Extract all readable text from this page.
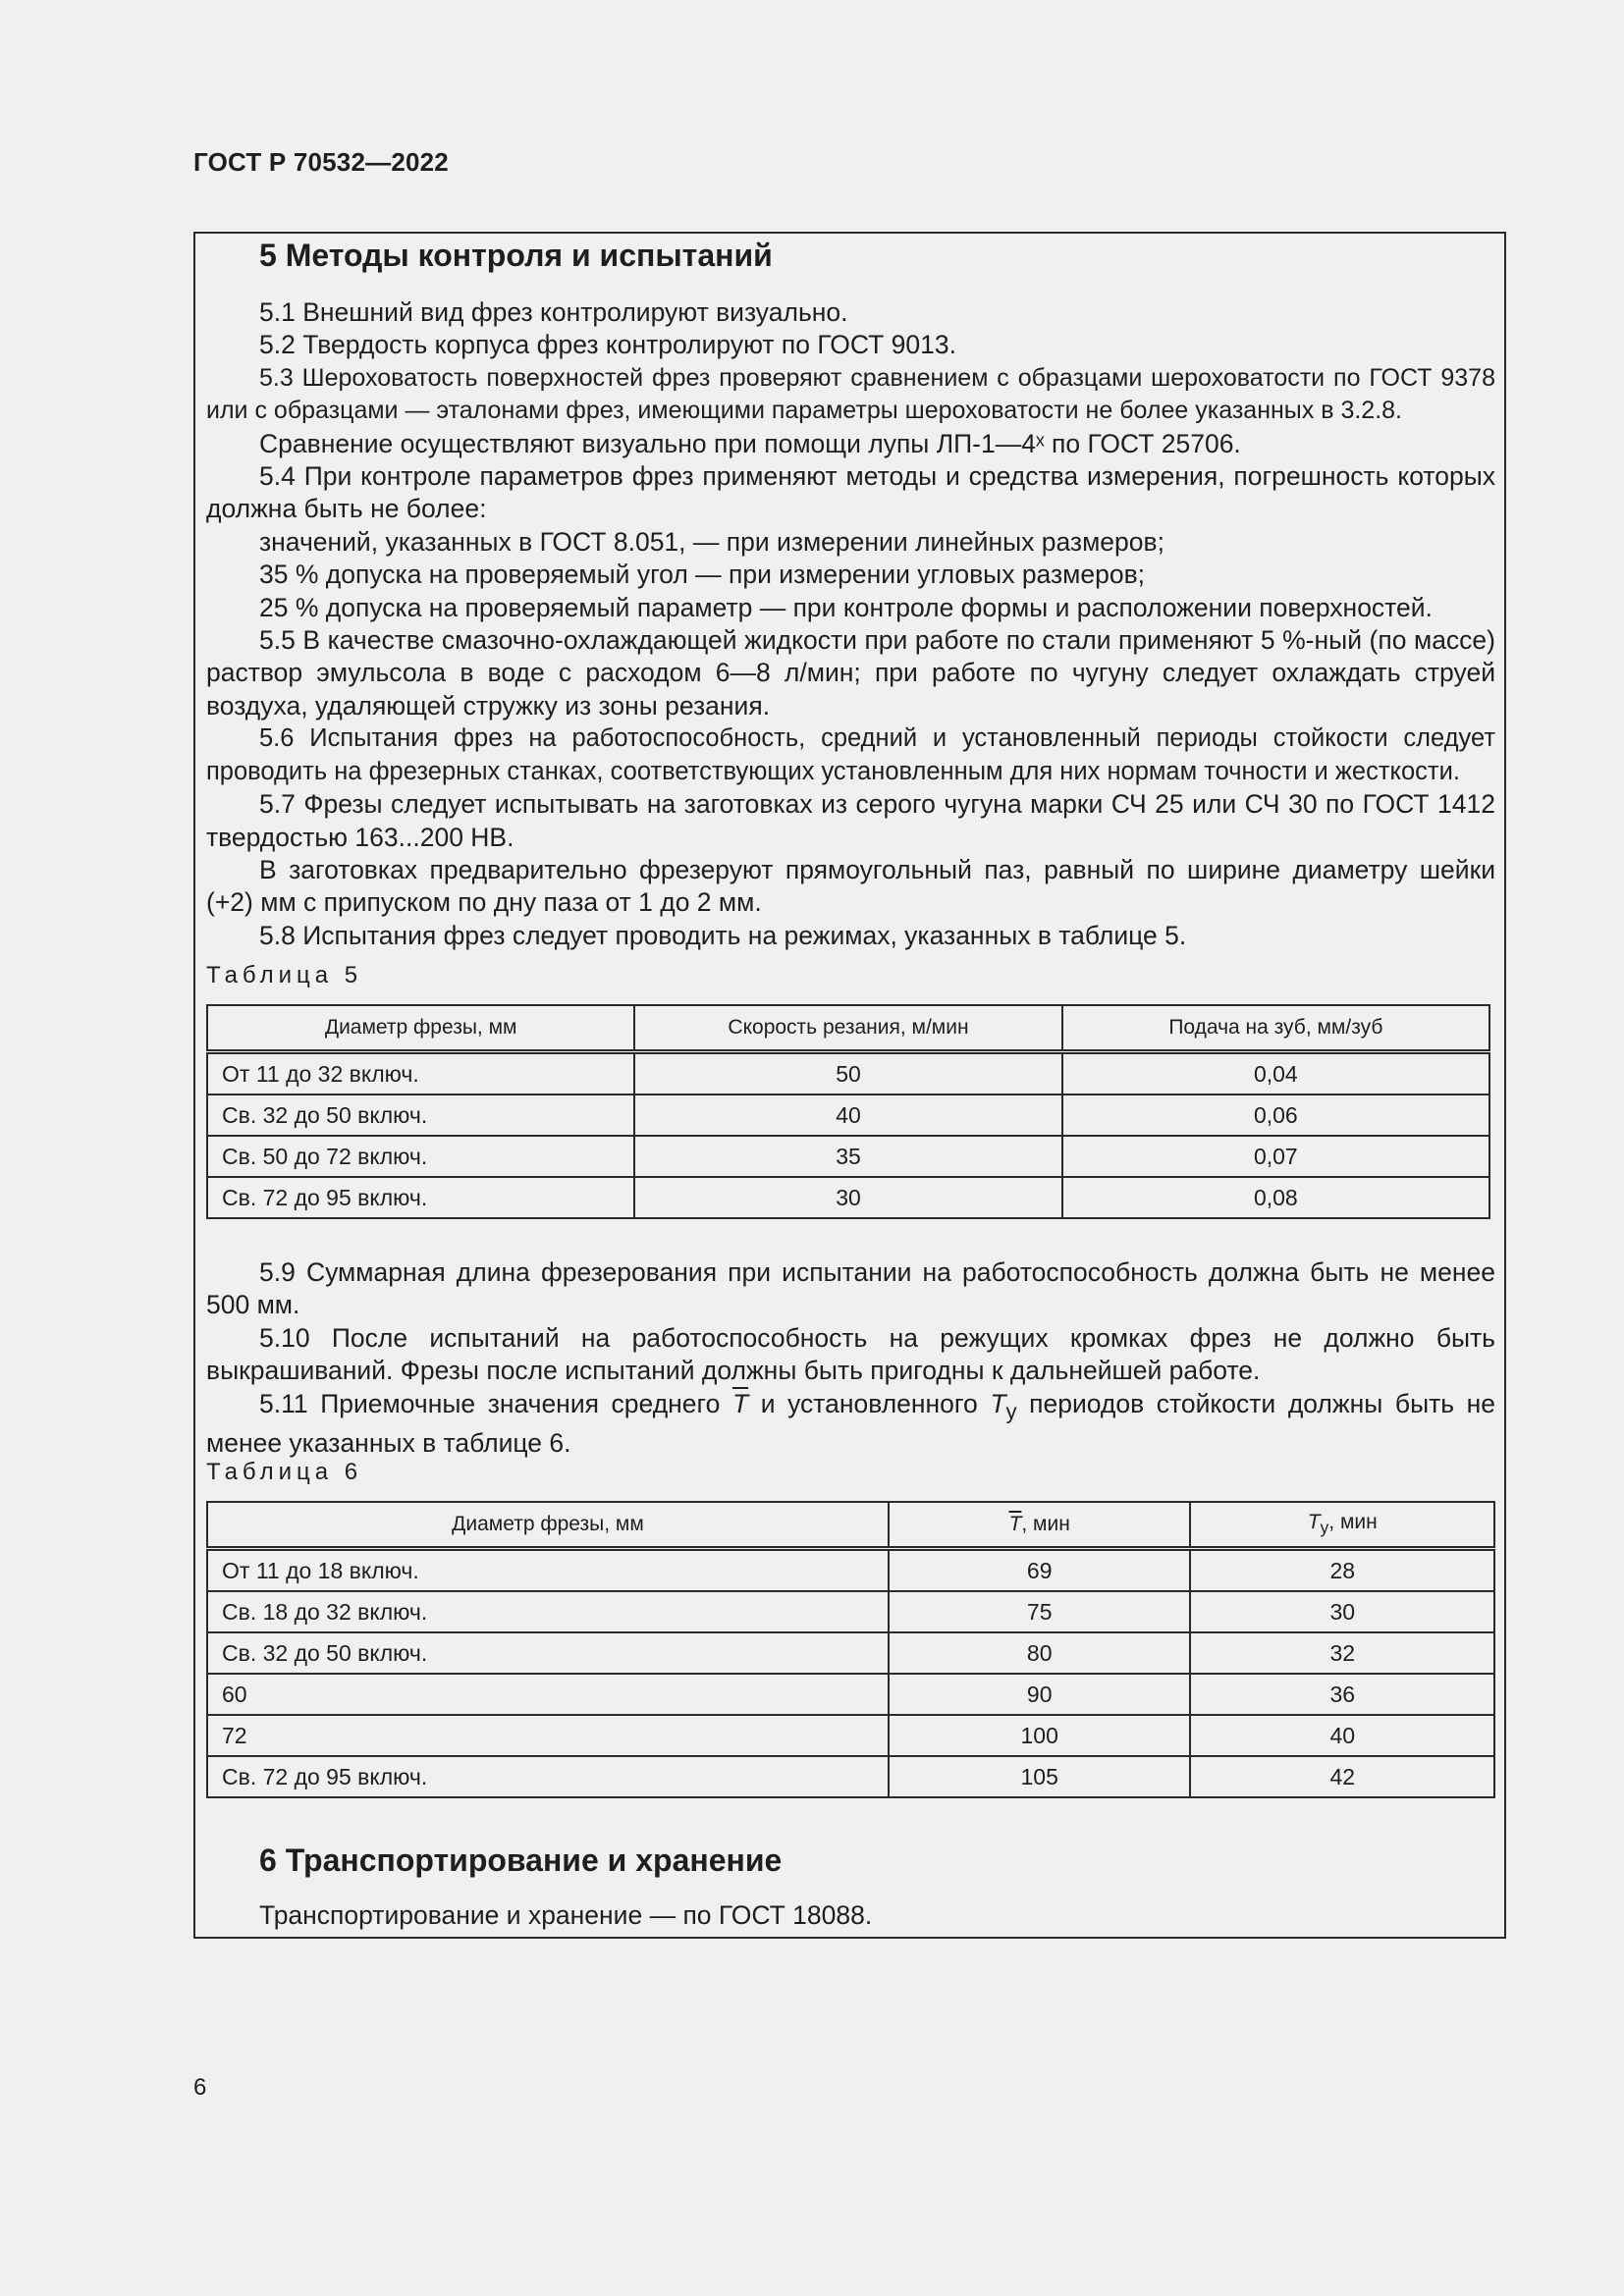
ГОСТ Р 70532—2022
5 Методы контроля и испытаний

5.1 Внешний вид фрез контролируют визуально.

5.2 Твердость корпуса фрез контролируют по ГОСТ 9013.

5.3 Шероховатость поверхностей фрез проверяют сравнением с образцами шероховатости по ГОСТ 9378 или с образцами — эталонами фрез, имеющими параметры шероховатости не более указанных в 3.2.8.

Сравнение осуществляют визуально при помощи лупы ЛП-1—4ˣ по ГОСТ 25706.

5.4 При контроле параметров фрез применяют методы и средства измерения, погрешность которых должна быть не более:

значений, указанных в ГОСТ 8.051, — при измерении линейных размеров;

35 % допуска на проверяемый угол — при измерении угловых размеров;

25 % допуска на проверяемый параметр — при контроле формы и расположении поверхностей.

5.5 В качестве смазочно-охлаждающей жидкости при работе по стали применяют 5 %-ный (по массе) раствор эмульсола в воде с расходом 6—8 л/мин; при работе по чугуну следует охлаждать струей воздуха, удаляющей стружку из зоны резания.

5.6 Испытания фрез на работоспособность, средний и установленный периоды стойкости следует проводить на фрезерных станках, соответствующих установленным для них нормам точности и жесткости.

5.7 Фрезы следует испытывать на заготовках из серого чугуна марки СЧ 25 или СЧ 30 по ГОСТ 1412 твердостью 163...200 HB.

В заготовках предварительно фрезеруют прямоугольный паз, равный по ширине диаметру шейки (+2) мм с припуском по дну паза от 1 до 2 мм.

5.8 Испытания фрез следует проводить на режимах, указанных в таблице 5.

Таблица 5

Диаметр фрезы, мм	Скорость резания, м/мин	Подача на зуб, мм/зуб
От 11 до 32 включ.	50	0,04
Св. 32 до 50 включ.	40	0,06
Св. 50 до 72 включ.	35	0,07
Св. 72 до 95 включ.	30	0,08

5.9 Суммарная длина фрезерования при испытании на работоспособность должна быть не менее 500 мм.

5.10 После испытаний на работоспособность на режущих кромках фрез не должно быть выкрашиваний. Фрезы после испытаний должны быть пригодны к дальнейшей работе.

5.11 Приемочные значения среднего $\overline{T}$ и установленного $T_у$ периодов стойкости должны быть не менее указанных в таблице 6.

Таблица 6

Диаметр фрезы, мм	$\overline{T}$, мин	$T_у$, мин
От 11 до 18 включ.	69	28
Св. 18 до 32 включ.	75	30
Св. 32 до 50 включ.	80	32
60	90	36
72	100	40
Св. 72 до 95 включ.	105	42
6 Транспортирование и хранение

Транспортирование и хранение — по ГОСТ 18088.

6
